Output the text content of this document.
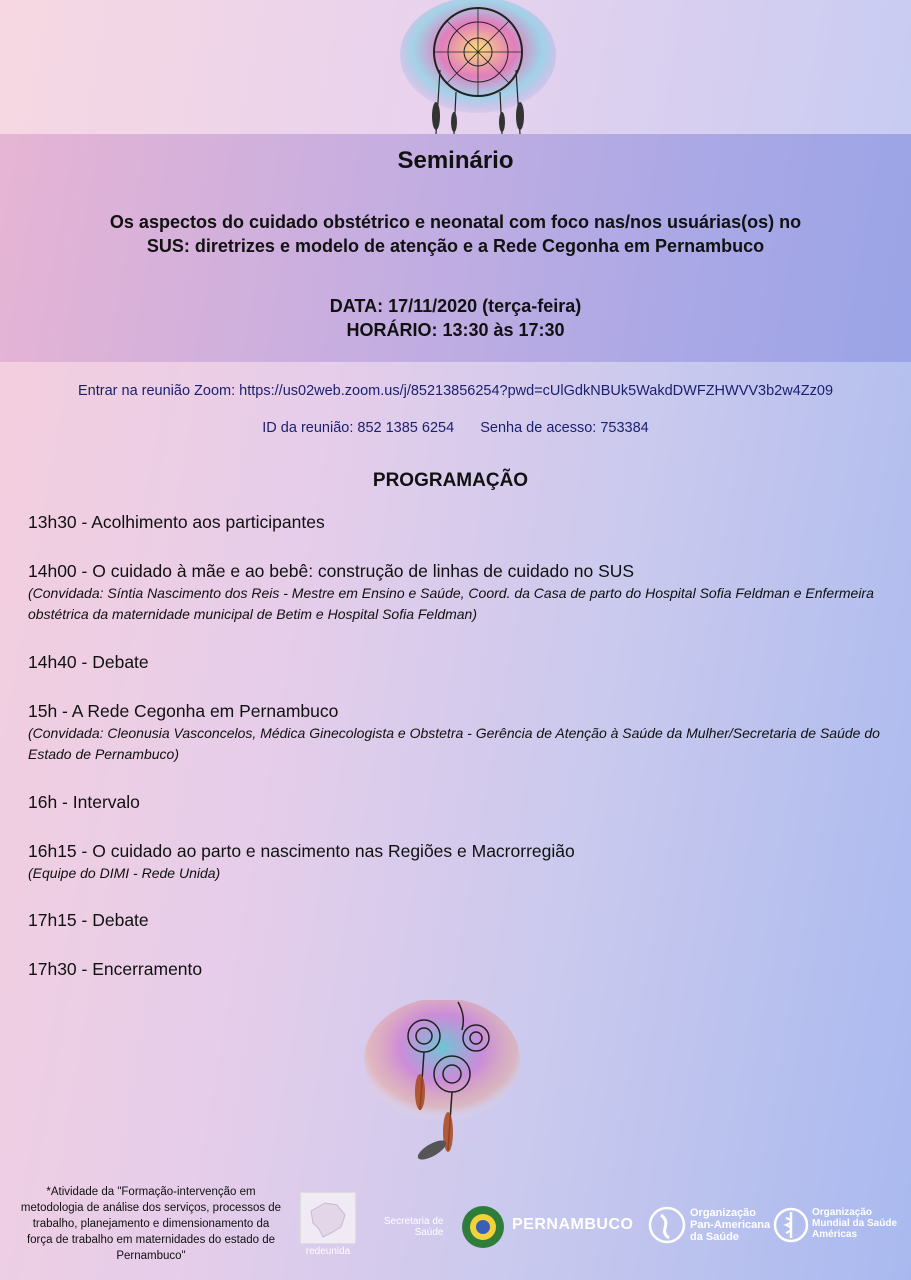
Seminário
Os aspectos do cuidado obstétrico e neonatal com foco nas/nos usuárias(os) no
SUS: diretrizes e modelo de atenção e a Rede Cegonha em Pernambuco
DATA: 17/11/2020 (terça-feira)
HORÁRIO: 13:30 às 17:30
Entrar na reunião Zoom: https://us02web.zoom.us/j/85213856254?pwd=cUlGdkNBUk5WakdDWFZHWVV3b2w4Zz09
ID da reunião: 852 1385 6254 Senha de acesso: 753384
PROGRAMAÇÃO
13h30 - Acolhimento aos participantes
14h00 - O cuidado à mãe e ao bebê: construção de linhas de cuidado no SUS
(Convidada: Síntia Nascimento dos Reis - Mestre em Ensino e Saúde, Coord. da Casa de parto do Hospital Sofia Feldman e Enfermeira obstétrica da maternidade municipal de Betim e Hospital Sofia Feldman)
14h40 - Debate
15h - A Rede Cegonha em Pernambuco
(Convidada: Cleonusia Vasconcelos, Médica Ginecologista e Obstetra - Gerência de Atenção à Saúde da Mulher/Secretaria de Saúde do Estado de Pernambuco)
16h - Intervalo
16h15 - O cuidado ao parto e nascimento nas Regiões e Macrorregião
(Equipe do DIMI - Rede Unida)
17h15 - Debate
17h30 - Encerramento
*Atividade da "Formação-intervenção em metodologia de análise dos serviços, processos de trabalho, planejamento e dimensionamento da força de trabalho em maternidades do estado de Pernambuco"	redeunida
Secretaria de
Saúde	PERNAMBUCO
Organização
Pan-Americana
da Saúde
Organização
Mundial da Saúde
Américas
